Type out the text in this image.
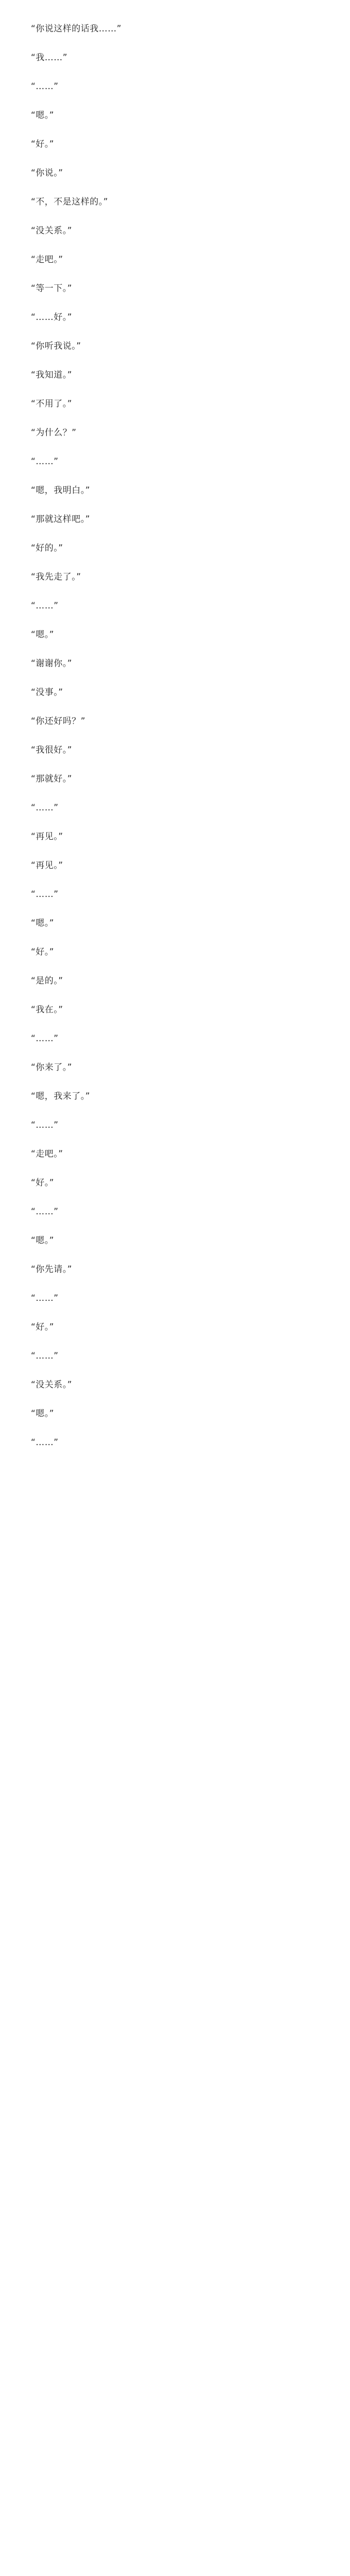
“你说这样的话我……”

“我……”

“……”

“嗯。”

“好。”

“你说。”

“不，不是这样的。”

“没关系。”

“走吧。”

“等一下。”

“……好。”

“你听我说。”

“我知道。”

“不用了。”

“为什么？”

“……”

“嗯，我明白。”

“那就这样吧。”

“好的。”

“我先走了。”

“……”

“嗯。”

“谢谢你。”

“没事。”

“你还好吗？”

“我很好。”

“那就好。”

“……”

“再见。”

“再见。”

“……”

“嗯。”

“好。”

“是的。”

“我在。”

“……”

“你来了。”

“嗯，我来了。”

“……”

“走吧。”

“好。”

“……”

“嗯。”

“你先请。”

“……”

“好。”

“……”

“没关系。”

“嗯。”

“……”
